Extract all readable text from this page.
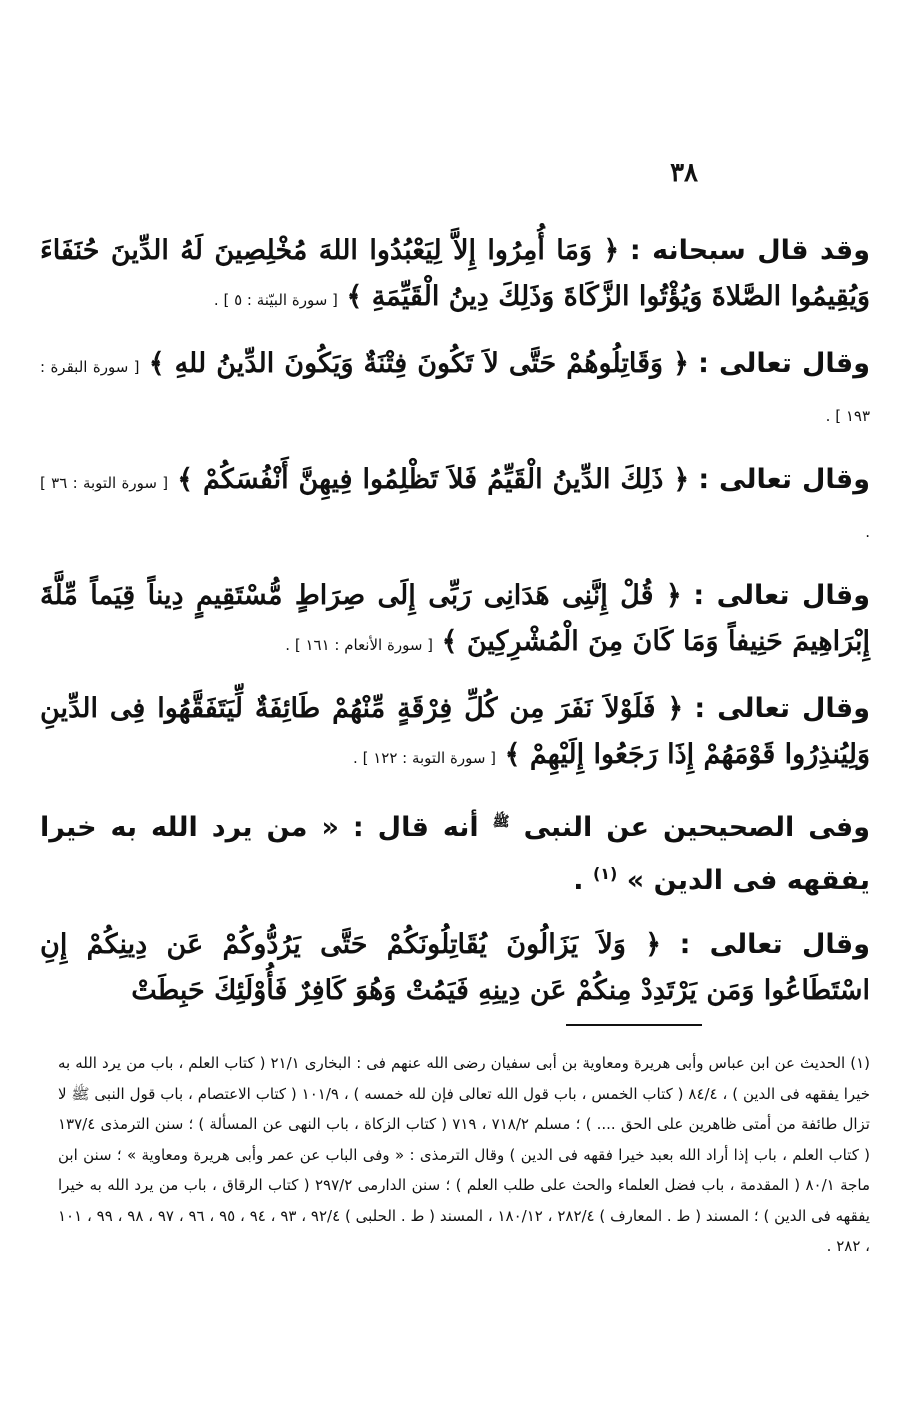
٣٨

وقد قال سبحانه : ﴿ وَمَا أُمِرُوا إِلاَّ لِيَعْبُدُوا اللهَ مُخْلِصِينَ لَهُ الدِّينَ حُنَفَاءَ وَيُقِيمُوا الصَّلاةَ وَيُؤْتُوا الزَّكَاةَ وَذَلِكَ دِينُ الْقَيِّمَةِ ﴾ [ سورة البيّنة : ٥ ] .

وقال تعالى : ﴿ وَقَاتِلُوهُمْ حَتَّى لاَ تَكُونَ فِتْنَةٌ وَيَكُونَ الدِّينُ للهِ ﴾ [ سورة البقرة : ١٩٣ ] .

وقال تعالى : ﴿ ذَلِكَ الدِّينُ الْقَيِّمُ فَلاَ تَظْلِمُوا فِيهِنَّ أَنْفُسَكُمْ ﴾ [ سورة التوبة : ٣٦ ] .

وقال تعالى : ﴿ قُلْ إِنَّنِى هَدَانِى رَبِّى إِلَى صِرَاطٍ مُّسْتَقِيمٍ دِيناً قِيَماً مِّلَّةَ إِبْرَاهِيمَ حَنِيفاً وَمَا كَانَ مِنَ الْمُشْرِكِينَ ﴾ [ سورة الأنعام : ١٦١ ] .

وقال تعالى : ﴿ فَلَوْلاَ نَفَرَ مِن كُلِّ فِرْقَةٍ مِّنْهُمْ طَائِفَةٌ لِّيَتَفَقَّهُوا فِى الدِّينِ وَلِيُنذِرُوا قَوْمَهُمْ إِذَا رَجَعُوا إِلَيْهِمْ ﴾ [ سورة التوبة : ١٢٢ ] .

وفى الصحيحين عن النبى $^ﷺ$ أنه قال : « من يرد الله به خيرا يفقهه فى الدين » $^{(١)}$ .

وقال تعالى : ﴿ وَلاَ يَزَالُونَ يُقَاتِلُونَكُمْ حَتَّى يَرُدُّوكُمْ عَن دِينِكُمْ إِنِ اسْتَطَاعُوا وَمَن يَرْتَدِدْ مِنكُمْ عَن دِينِهِ فَيَمُتْ وَهُوَ كَافِرٌ فَأُوْلَئِكَ حَبِطَتْ

(١) الحديث عن ابن عباس وأبى هريرة ومعاوية بن أبى سفيان رضى الله عنهم فى : البخارى ٢١/١ ( كتاب العلم ، باب من يرد الله به خيرا يفقهه فى الدين ) ، ٨٤/٤ ( كتاب الخمس ، باب قول الله تعالى فإن لله خمسه ) ، ١٠١/٩ ( كتاب الاعتصام ، باب قول النبى ﷺ لا تزال طائفة من أمتى ظاهرين على الحق .... ) ؛ مسلم ٧١٨/٢ ، ٧١٩ ( كتاب الزكاة ، باب النهى عن المسألة ) ؛ سنن الترمذى ١٣٧/٤ ( كتاب العلم ، باب إذا أراد الله بعبد خيرا فقهه فى الدين ) وقال الترمذى : « وفى الباب عن عمر وأبى هريرة ومعاوية » ؛ سنن ابن ماجة ٨٠/١ ( المقدمة ، باب فضل العلماء والحث على طلب العلم ) ؛ سنن الدارمى ٢٩٧/٢ ( كتاب الرقاق ، باب من يرد الله به خيرا يفقهه فى الدين ) ؛ المسند ( ط . المعارف ) ٢٨٢/٤ ، ١٨٠/١٢ ، المسند ( ط . الحلبى ) ٩٢/٤ ، ٩٣ ، ٩٤ ، ٩٥ ، ٩٦ ، ٩٧ ، ٩٨ ، ٩٩ ، ١٠١ ، ٢٨٢ .
